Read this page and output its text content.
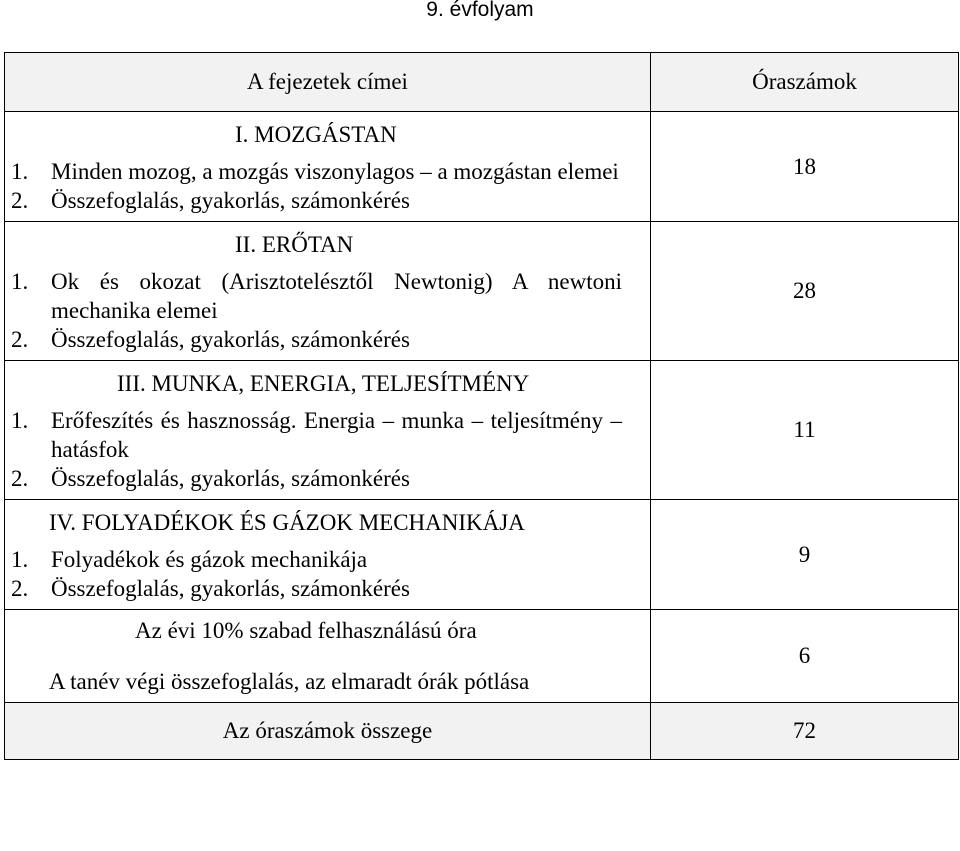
9. évfolyam
A fejezetek címei	Óraszámok

I. MOZGÁSTAN
1. Minden mozog, a mozgás viszonylagos – a mozgástan elemei
2. Összefoglalás, gyakorlás, számonkérés	18

II. ERŐTAN
1. Ok és okozat (Arisztotelésztől Newtonig) A newtoni mechanika elemei
2. Összefoglalás, gyakorlás, számonkérés	28

III. MUNKA, ENERGIA, TELJESÍTMÉNY
1. Erőfeszítés és hasznosság. Energia – munka – teljesítmény – hatásfok
2. Összefoglalás, gyakorlás, számonkérés	11

IV. FOLYADÉKOK ÉS GÁZOK MECHANIKÁJA
1. Folyadékok és gázok mechanikája
2. Összefoglalás, gyakorlás, számonkérés	9

Az évi 10% szabad felhasználású óra
A tanév végi összefoglalás, az elmaradt órák pótlása	6
Az óraszámok összege	72
